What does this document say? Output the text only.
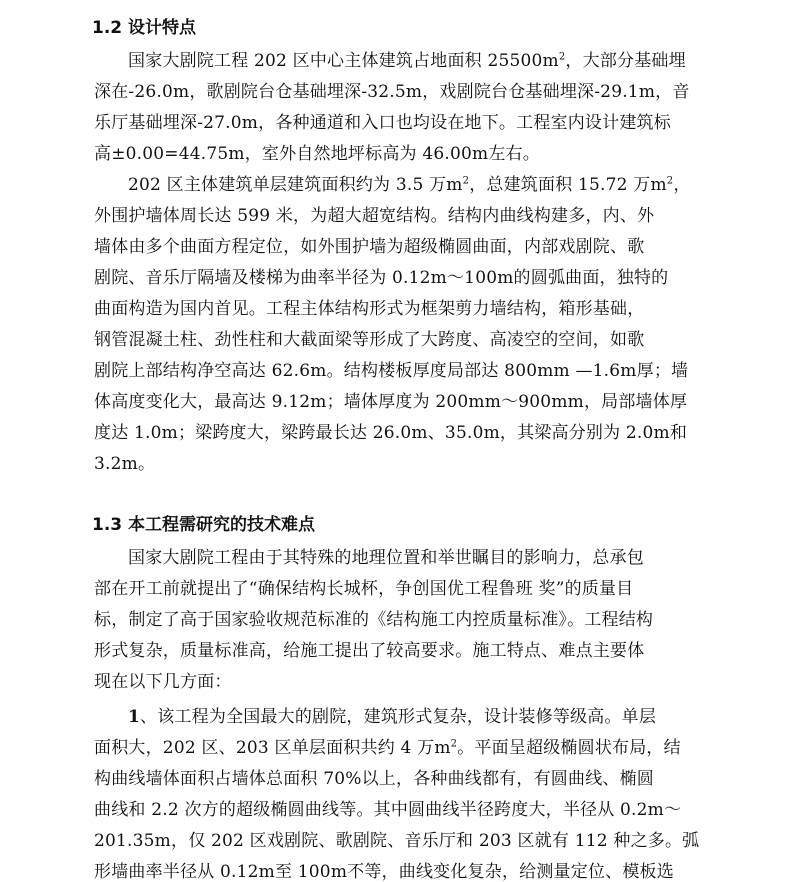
1.2 设计特点
国家大剧院工程 202 区中心主体建筑占地面积 $25500m^2$，大部分基础埋
深在-26.0m，歌剧院台仓基础埋深-32.5m，戏剧院台仓基础埋深-29.1m，音
乐厅基础埋深-27.0m，各种通道和入口也均设在地下。工程室内设计建筑标
高±0.00=44.75m，室外自然地坪标高为 46.00m左右。
202 区主体建筑单层建筑面积约为 3.5 万$m^2$，总建筑面积 15.72 万$m^2$，
外围护墙体周长达 599 米，为超大超宽结构。结构内曲线构建多，内、外
墙体由多个曲面方程定位，如外围护墙为超级椭圆曲面，内部戏剧院、歌
剧院、音乐厅隔墙及楼梯为曲率半径为 0.12m～100m的圆弧曲面，独特的
曲面构造为国内首见。工程主体结构形式为框架剪力墙结构，箱形基础，
钢管混凝土柱、劲性柱和大截面梁等形成了大跨度、高凌空的空间，如歌
剧院上部结构净空高达 62.6m。结构楼板厚度局部达 800mm —1.6m厚；墙
体高度变化大，最高达 9.12m；墙体厚度为 200mm～900mm，局部墙体厚
度达 1.0m；梁跨度大，梁跨最长达 26.0m、35.0m，其梁高分别为 2.0m和
3.2m。
1.3 本工程需研究的技术难点
国家大剧院工程由于其特殊的地理位置和举世瞩目的影响力，总承包
部在开工前就提出了“确保结构长城杯，争创国优工程鲁班 奖”的质量目
标，制定了高于国家验收规范标准的《结构施工内控质量标准》。工程结构
形式复杂，质量标准高，给施工提出了较高要求。施工特点、难点主要体
现在以下几方面：
1、该工程为全国最大的剧院，建筑形式复杂，设计装修等级高。单层
面积大，202 区、203 区单层面积共约 4 万$m^2$。平面呈超级椭圆状布局，结
构曲线墙体面积占墙体总面积 70%以上，各种曲线都有，有圆曲线、椭圆
曲线和 2.2 次方的超级椭圆曲线等。其中圆曲线半径跨度大，半径从 0.2m～
201.35m，仅 202 区戏剧院、歌剧院、音乐厅和 203 区就有 112 种之多。弧
形墙曲率半径从 0.12m至 100m不等，曲线变化复杂，给测量定位、模板选
